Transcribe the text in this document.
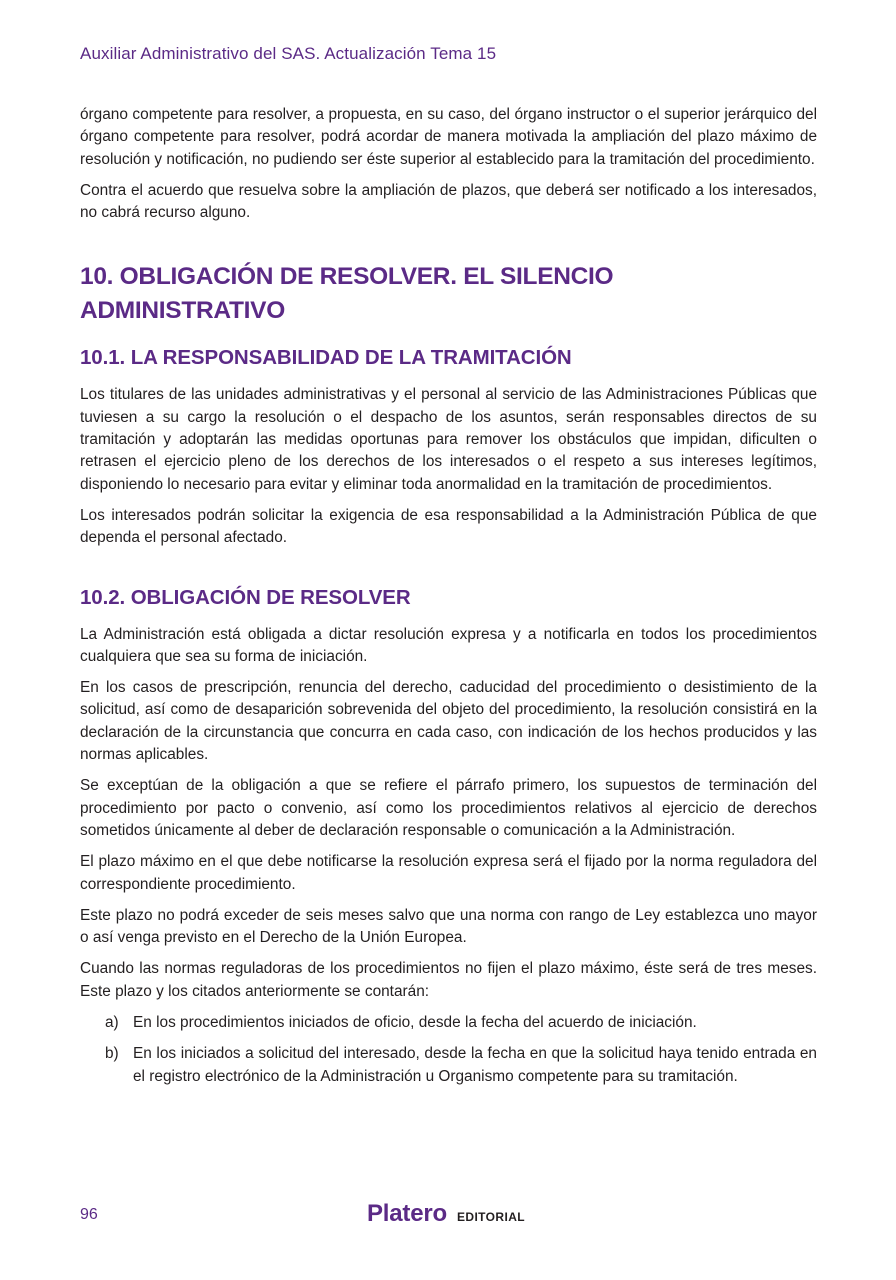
Auxiliar Administrativo del SAS. Actualización Tema 15

órgano competente para resolver, a propuesta, en su caso, del órgano instructor o el superior jerárquico del órgano competente para resolver, podrá acordar de manera motivada la ampliación del plazo máximo de resolución y notificación, no pudiendo ser éste superior al establecido para la tramitación del procedimiento.

Contra el acuerdo que resuelva sobre la ampliación de plazos, que deberá ser notificado a los interesados, no cabrá recurso alguno.

10. OBLIGACIÓN DE RESOLVER. EL SILENCIO ADMINISTRATIVO
10.1. LA RESPONSABILIDAD DE LA TRAMITACIÓN

Los titulares de las unidades administrativas y el personal al servicio de las Administraciones Públicas que tuviesen a su cargo la resolución o el despacho de los asuntos, serán responsables directos de su tramitación y adoptarán las medidas oportunas para remover los obstáculos que impidan, dificulten o retrasen el ejercicio pleno de los derechos de los interesados o el respeto a sus intereses legítimos, disponiendo lo necesario para evitar y eliminar toda anormalidad en la tramitación de procedimientos.

Los interesados podrán solicitar la exigencia de esa responsabilidad a la Administración Pública de que dependa el personal afectado.

10.2. OBLIGACIÓN DE RESOLVER

La Administración está obligada a dictar resolución expresa y a notificarla en todos los procedimientos cualquiera que sea su forma de iniciación.

En los casos de prescripción, renuncia del derecho, caducidad del procedimiento o desistimiento de la solicitud, así como de desaparición sobrevenida del objeto del procedimiento, la resolución consistirá en la declaración de la circunstancia que concurra en cada caso, con indicación de los hechos producidos y las normas aplicables.

Se exceptúan de la obligación a que se refiere el párrafo primero, los supuestos de terminación del procedimiento por pacto o convenio, así como los procedimientos relativos al ejercicio de derechos sometidos únicamente al deber de declaración responsable o comunicación a la Administración.

El plazo máximo en el que debe notificarse la resolución expresa será el fijado por la norma reguladora del correspondiente procedimiento.

Este plazo no podrá exceder de seis meses salvo que una norma con rango de Ley establezca uno mayor o así venga previsto en el Derecho de la Unión Europea.

Cuando las normas reguladoras de los procedimientos no fijen el plazo máximo, éste será de tres meses. Este plazo y los citados anteriormente se contarán:

a) En los procedimientos iniciados de oficio, desde la fecha del acuerdo de iniciación.
b) En los iniciados a solicitud del interesado, desde la fecha en que la solicitud haya tenido entrada en el registro electrónico de la Administración u Organismo competente para su tramitación.
96	Platero EDITORIAL
